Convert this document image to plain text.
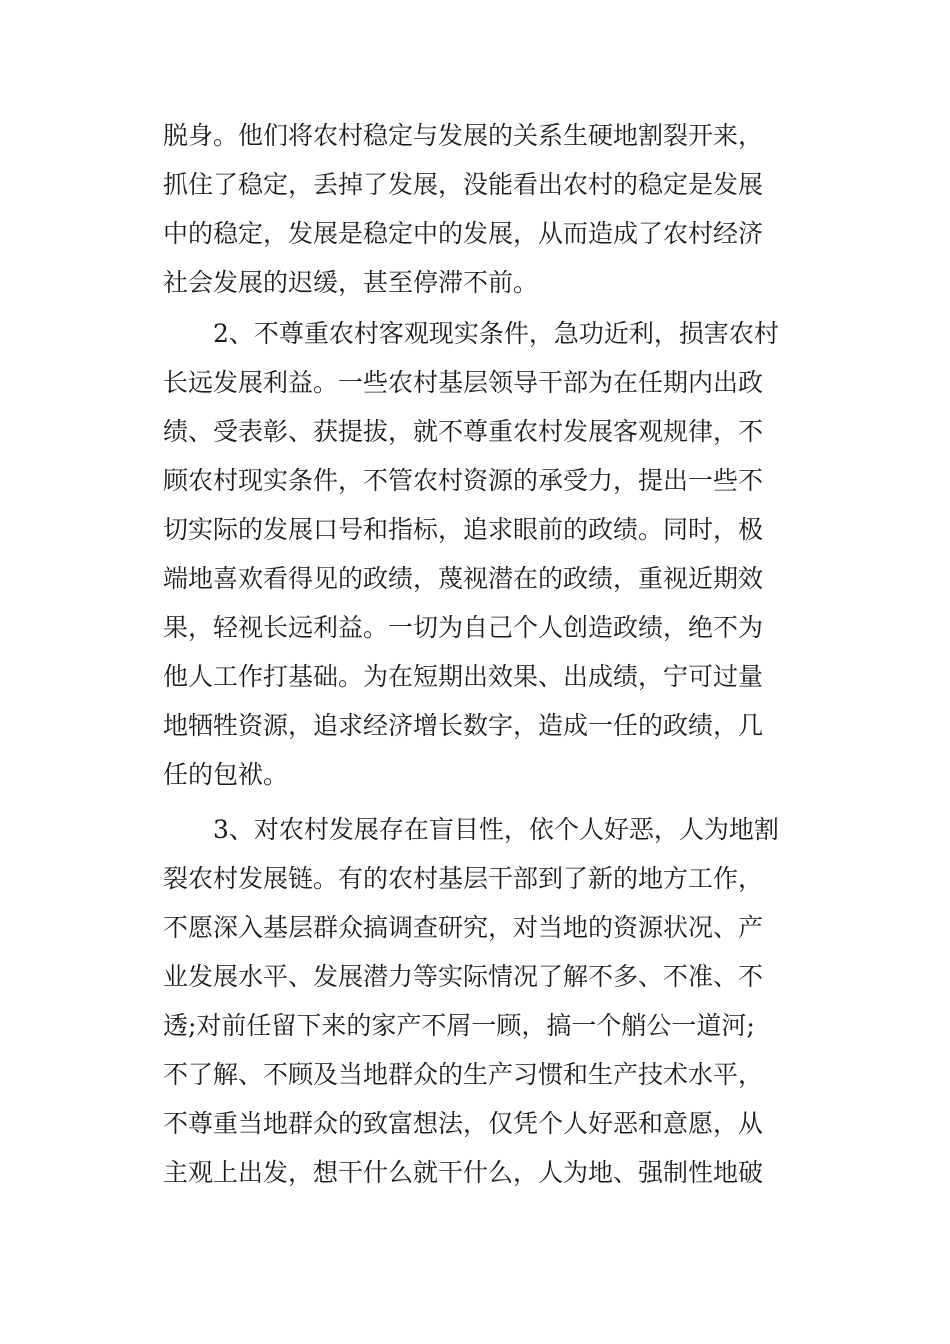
脱身。他们将农村稳定与发展的关系生硬地割裂开来，
抓住了稳定，丢掉了发展，没能看出农村的稳定是发展
中的稳定，发展是稳定中的发展，从而造成了农村经济
社会发展的迟缓，甚至停滞不前。
2、不尊重农村客观现实条件，急功近利，损害农村
长远发展利益。一些农村基层领导干部为在任期内出政
绩、受表彰、获提拔，就不尊重农村发展客观规律，不
顾农村现实条件，不管农村资源的承受力，提出一些不
切实际的发展口号和指标，追求眼前的政绩。同时，极
端地喜欢看得见的政绩，蔑视潜在的政绩，重视近期效
果，轻视长远利益。一切为自己个人创造政绩，绝不为
他人工作打基础。为在短期出效果、出成绩，宁可过量
地牺牲资源，追求经济增长数字，造成一任的政绩，几
任的包袱。
3、对农村发展存在盲目性，依个人好恶，人为地割
裂农村发展链。有的农村基层干部到了新的地方工作，
不愿深入基层群众搞调查研究，对当地的资源状况、产
业发展水平、发展潜力等实际情况了解不多、不准、不
透;对前任留下来的家产不屑一顾，搞一个艄公一道河;
不了解、不顾及当地群众的生产习惯和生产技术水平，
不尊重当地群众的致富想法，仅凭个人好恶和意愿，从
主观上出发，想干什么就干什么，人为地、强制性地破
